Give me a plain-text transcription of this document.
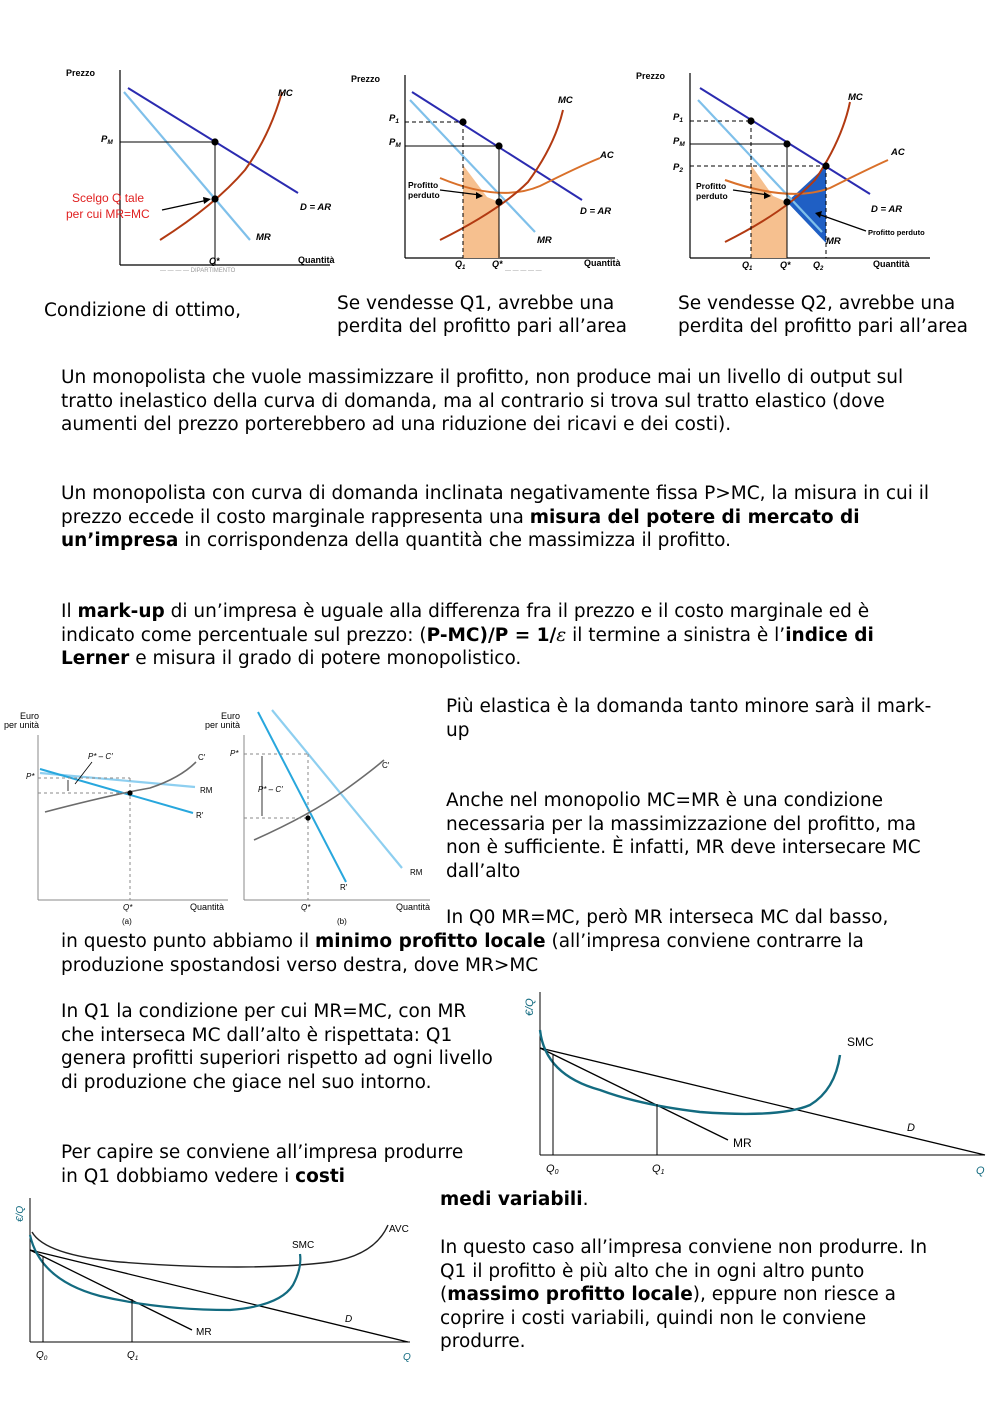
Prezzo
Quantità
$P_M$
MC
D = AR
MR
Q*
Scelgo Q tale
per cui MR=MC
— — — — DIPARTIMENTO
Prezzo
Quantità
$P_1$
$P_M$
MC
AC
D = AR
MR
Profitto
perduto
$Q_1$	Q*
— — — — —
Prezzo
Quantità
$P_1$
$P_M$
$P_2$
MC
AC
D = AR
MR
Profitto
perduto
Profitto perduto
$Q_1$	Q* $Q_2$
Condizione di ottimo,	Se vendesse Q1, avrebbe una
perdita del profitto pari all’area
Se vendesse Q2, avrebbe una
perdita del profitto pari all’area
Un monopolista che vuole massimizzare il profitto, non produce mai un livello di output sul tratto inelastico della curva di domanda, ma al contrario si trova sul tratto elastico (dove aumenti del prezzo porterebbero ad una riduzione dei ricavi e dei costi).
Un monopolista con curva di domanda inclinata negativamente fissa P>MC, la misura in cui il prezzo eccede il costo marginale rappresenta una misura del potere di mercato di un’impresa in corrispondenza della quantità che massimizza il profitto.
Il mark-up di un’impresa è uguale alla differenza fra il prezzo e il costo marginale ed è indicato come percentuale sul prezzo: (P-MC)/P = 1/ε il termine a sinistra è l’indice di Lerner e misura il grado di potere monopolistico.
Euro
per unità
Quantità
(a)
P*
P* – C′	C′
RM
R′
Q*
Euro
per unità
Quantità
(b)
P*
P* – C′
C′
RM
R′
Q*
Più elastica è la domanda tanto minore sarà il mark-up
Anche nel monopolio MC=MR è una condizione necessaria per la massimizzazione del profitto, ma non è sufficiente. È infatti, MR deve intersecare MC dall’alto
In Q0 MR=MC, però MR interseca MC dal basso,
in questo punto abbiamo il minimo profitto locale (all’impresa conviene contrarre la produzione spostandosi verso destra, dove MR>MC
In Q1 la condizione per cui MR=MC, con MR che interseca MC dall’alto è rispettata: Q1 genera profitti superiori rispetto ad ogni livello di produzione che giace nel suo intorno.
€/Q
SMC
D
MR
Q0	Q1	Q
Per capire se conviene all’impresa produrre in Q1 dobbiamo vedere i costi
medi variabili.
€/Q
AVC
SMC
D
MR
$Q_0$	$Q_1$	Q
In questo caso all’impresa conviene non produrre. In Q1 il profitto è più alto che in ogni altro punto (massimo profitto locale), eppure non riesce a coprire i costi variabili, quindi non le conviene produrre.
